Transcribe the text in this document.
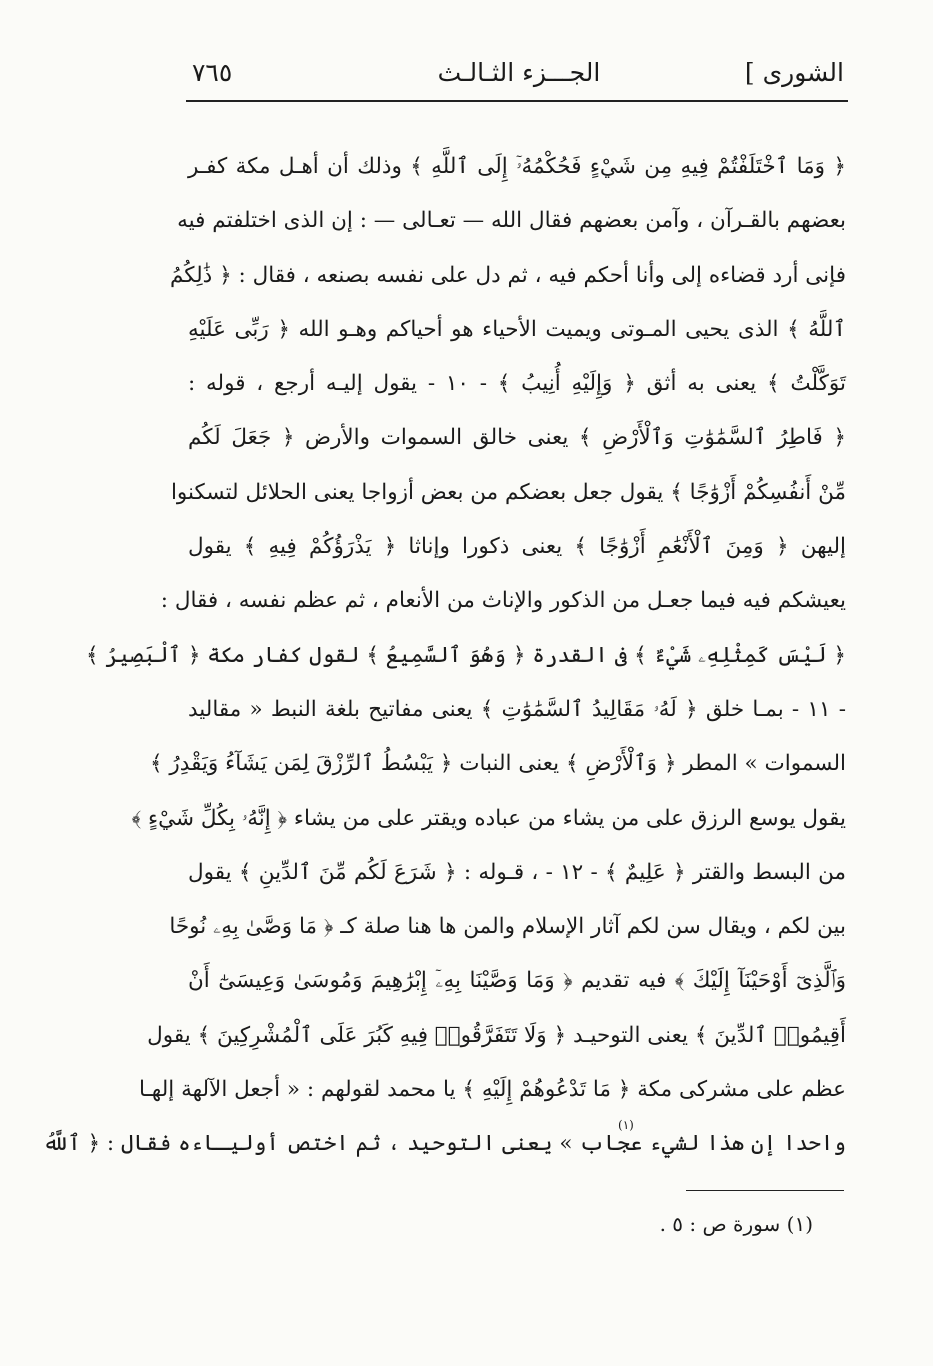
الشورى ]
الجـــزء الثـالـث
٧٦٥
﴿ وَمَا ٱخْتَلَفْتُمْ فِيهِ مِن شَيْءٍ فَحُكْمُهُۥٓ إِلَى ٱللَّهِ ﴾ وذلك أن أهـل مكة كفـر
بعضهم بالقـرآن ، وآمن بعضهم فقال الله — تعـالى — : إن الذى اختلفتم فيه
فإنى أرد قضاءه إلى وأنا أحكم فيه ، ثم دل على نفسه بصنعه ، فقال : ﴿ ذَٰلِكُمُ
ٱللَّهُ ﴾ الذى يحيى المـوتى ويميت الأحياء هو أحياكم وهـو الله ﴿ رَبِّى عَلَيْهِ
تَوَكَّلْتُ ﴾ يعنى به أثق ﴿ وَإِلَيْهِ أُنِيبُ ﴾ - ١٠ - يقول إليـه أرجع ، قوله :
﴿ فَاطِرُ ٱلسَّمَٰوَٰتِ وَٱلْأَرْضِ ﴾ يعنى خالق السموات والأرض ﴿ جَعَلَ لَكُم
مِّنْ أَنفُسِكُمْ أَزْوَٰجًا ﴾ يقول جعل بعضكم من بعض أزواجا يعنى الحلائل لتسكنوا
إليهن ﴿ وَمِنَ ٱلْأَنْعَٰمِ أَزْوَٰجًا ﴾ يعنى ذكورا وإناثا ﴿ يَذْرَؤُكُمْ فِيهِ ﴾ يقول
يعيشكم فيه فيما جعـل من الذكور والإناث من الأنعام ، ثم عظم نفسه ، فقال :
﴿ لَيْسَ كَمِثْلِهِۦ شَيْءٌ ﴾ فى القدرة ﴿ وَهُوَ ٱلسَّمِيعُ ﴾ لقول كفار مكة ﴿ ٱلْبَصِيرُ ﴾
- ١١ - بمـا خلق ﴿ لَهُۥ مَقَالِيدُ ٱلسَّمَٰوَٰتِ ﴾ يعنى مفاتيح بلغة النبط « مقاليد
السموات » المطر ﴿ وَٱلْأَرْضِ ﴾ يعنى النبات ﴿ يَبْسُطُ ٱلرِّزْقَ لِمَن يَشَآءُ وَيَقْدِرُ ﴾
يقول يوسع الرزق على من يشاء من عباده ويقتر على من يشاء ﴿ إِنَّهُۥ بِكُلِّ شَيْءٍ ﴾
من البسط والقتر ﴿ عَلِيمٌ ﴾ - ١٢ - ، قـوله : ﴿ شَرَعَ لَكُم مِّنَ ٱلدِّينِ ﴾ يقول
بين لكم ، ويقال سن لكم آثار الإسلام والمن ها هنا صلة كـ ﴿ مَا وَصَّىٰ بِهِۦ نُوحًا
وَٱلَّذِىٓ أَوْحَيْنَآ إِلَيْكَ ﴾ فيه تقديم ﴿ وَمَا وَصَّيْنَا بِهِۦٓ إِبْرَٰهِيمَ وَمُوسَىٰ وَعِيسَىٰٓ أَنْ
أَقِيمُوا۟ ٱلدِّينَ ﴾ يعنى التوحيـد ﴿ وَلَا تَتَفَرَّقُوا۟ فِيهِ كَبُرَ عَلَى ٱلْمُشْرِكِينَ ﴾ يقول
عظم على مشركى مكة ﴿ مَا تَدْعُوهُمْ إِلَيْهِ ﴾ يا محمد لقولهم : « أجعل الآلهة إلهـا
واحدا إن هذا لشيء عجاب » يعنى التوحيد ، ثم اختص أوليـاءه فقال : ﴿ ٱللَّهُ
(١)
(١) سورة ص : ٥ .
